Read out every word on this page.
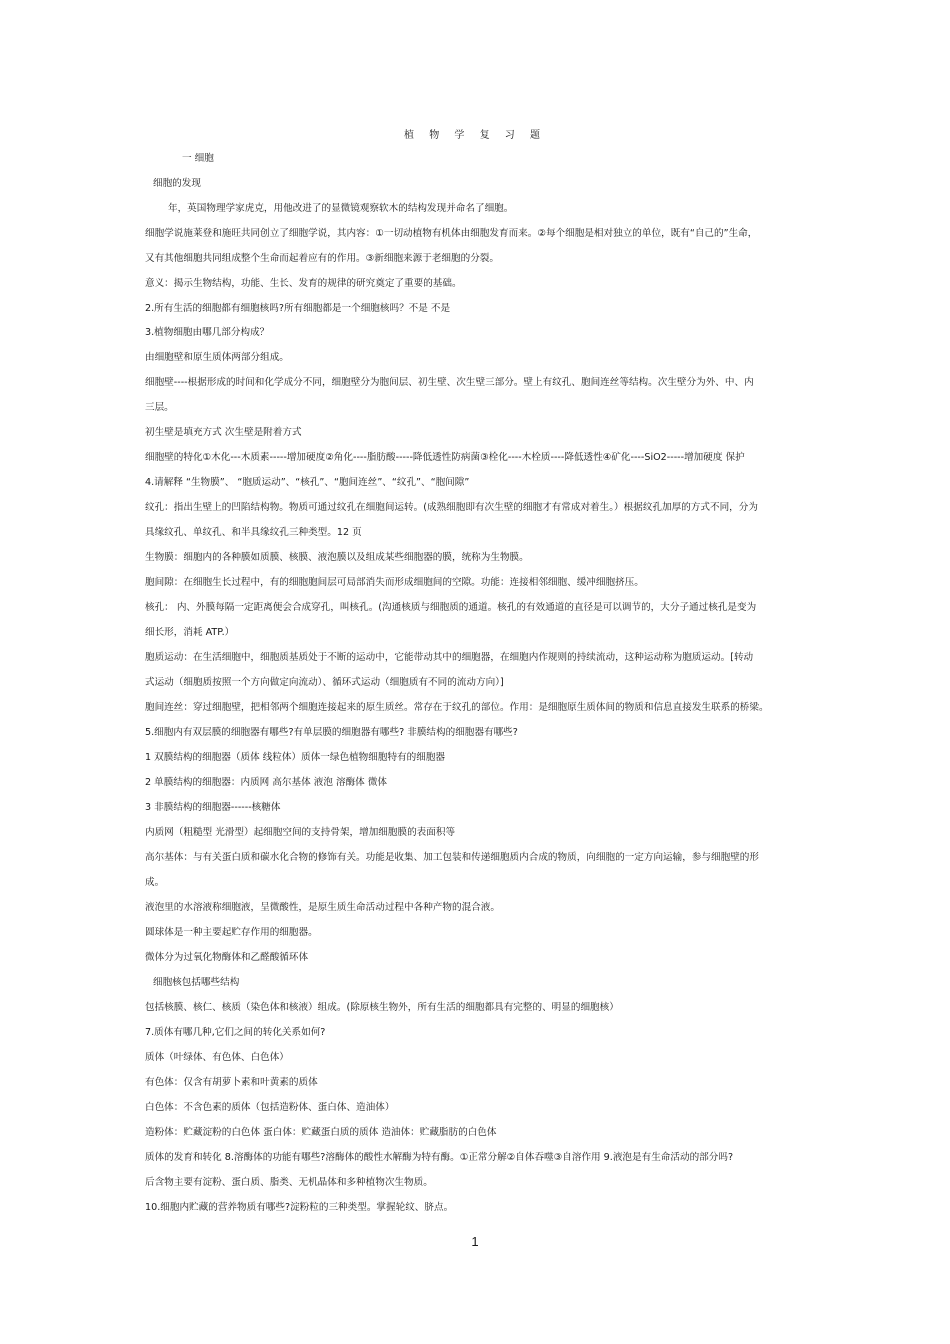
植 物 学 复 习 题
一 细胞
细胞的发现
年，英国物理学家虎克，用他改进了的显微镜观察软木的结构发现并命名了细胞。
细胞学说施莱登和施旺共同创立了细胞学说，其内容：①一切动植物有机体由细胞发育而来。②每个细胞是相对独立的单位，既有“自己的”生命，
又有其他细胞共同组成整个生命而起着应有的作用。③新细胞来源于老细胞的分裂。
意义：揭示生物结构，功能、生长、发育的规律的研究奠定了重要的基础。
2.所有生活的细胞都有细胞核吗?所有细胞都是一个细胞核吗？不是 不是
3.植物细胞由哪几部分构成？
由细胞壁和原生质体两部分组成。
细胞壁----根据形成的时间和化学成分不同，细胞壁分为胞间层、初生壁、次生壁三部分。壁上有纹孔、胞间连丝等结构。次生壁分为外、中、内
三层。
初生壁是填充方式 次生壁是附着方式
细胞壁的特化①木化---木质素-----增加硬度②角化----脂肪酸-----降低透性防病菌③栓化----木栓质----降低透性④矿化----SiO2-----增加硬度 保护
4.请解释 “生物膜”、 “胞质运动”、“核孔”、“胞间连丝”、“纹孔”、“胞间隙”
纹孔：指出生壁上的凹陷结构物。物质可通过纹孔在细胞间运转。(成熟细胞即有次生壁的细胞才有常成对着生。）根据纹孔加厚的方式不同，分为
具缘纹孔、单纹孔、和半具缘纹孔三种类型。12 页
生物膜：细胞内的各种膜如质膜、核膜、液泡膜以及组成某些细胞器的膜，统称为生物膜。
胞间隙：在细胞生长过程中，有的细胞胞间层可局部消失而形成细胞间的空隙。功能：连接相邻细胞、缓冲细胞挤压。
核孔： 内、外膜每隔一定距离便会合成穿孔，叫核孔。(沟通核质与细胞质的通道。核孔的有效通道的直径是可以调节的，大分子通过核孔是变为
细长形，消耗 ATP.）
胞质运动：在生活细胞中，细胞质基质处于不断的运动中，它能带动其中的细胞器，在细胞内作规则的持续流动，这种运动称为胞质运动。[转动
式运动（细胞质按照一个方向做定向流动）、循环式运动（细胞质有不同的流动方向）]
胞间连丝：穿过细胞壁，把相邻两个细胞连接起来的原生质丝。常存在于纹孔的部位。作用：是细胞原生质体间的物质和信息直接发生联系的桥梁。
5.细胞内有双层膜的细胞器有哪些?有单层膜的细胞器有哪些? 非膜结构的细胞器有哪些?
1 双膜结构的细胞器（质体 线粒体）质体一绿色植物细胞特有的细胞器
2 单膜结构的细胞器：内质网 高尔基体 液泡 溶酶体 微体
3 非膜结构的细胞器------核糖体
内质网（粗糙型 光滑型）起细胞空间的支持骨架，增加细胞膜的表面积等
高尔基体：与有关蛋白质和碳水化合物的修饰有关。功能是收集、加工包装和传递细胞质内合成的物质，向细胞的一定方向运输，参与细胞壁的形
成。
液泡里的水溶液称细胞液，呈微酸性，是原生质生命活动过程中各种产物的混合液。
圆球体是一种主要起贮存作用的细胞器。
微体分为过氧化物酶体和乙醛酸循环体
细胞核包括哪些结构
包括核膜、核仁、核质（染色体和核液）组成。(除原核生物外，所有生活的细胞都具有完整的、明显的细胞核）
7.质体有哪几种,它们之间的转化关系如何?
质体（叶绿体、有色体、白色体）
有色体：仅含有胡萝卜素和叶黄素的质体
白色体：不含色素的质体（包括造粉体、蛋白体、造油体）
造粉体：贮藏淀粉的白色体 蛋白体：贮藏蛋白质的质体 造油体：贮藏脂肪的白色体
质体的发育和转化 8.溶酶体的功能有哪些?溶酶体的酸性水解酶为特有酶。①正常分解②自体吞噬③自溶作用 9.液泡是有生命活动的部分吗?
后含物主要有淀粉、蛋白质、脂类、无机晶体和多种植物次生物质。
10.细胞内贮藏的营养物质有哪些?淀粉粒的三种类型。掌握轮纹、脐点。
1
